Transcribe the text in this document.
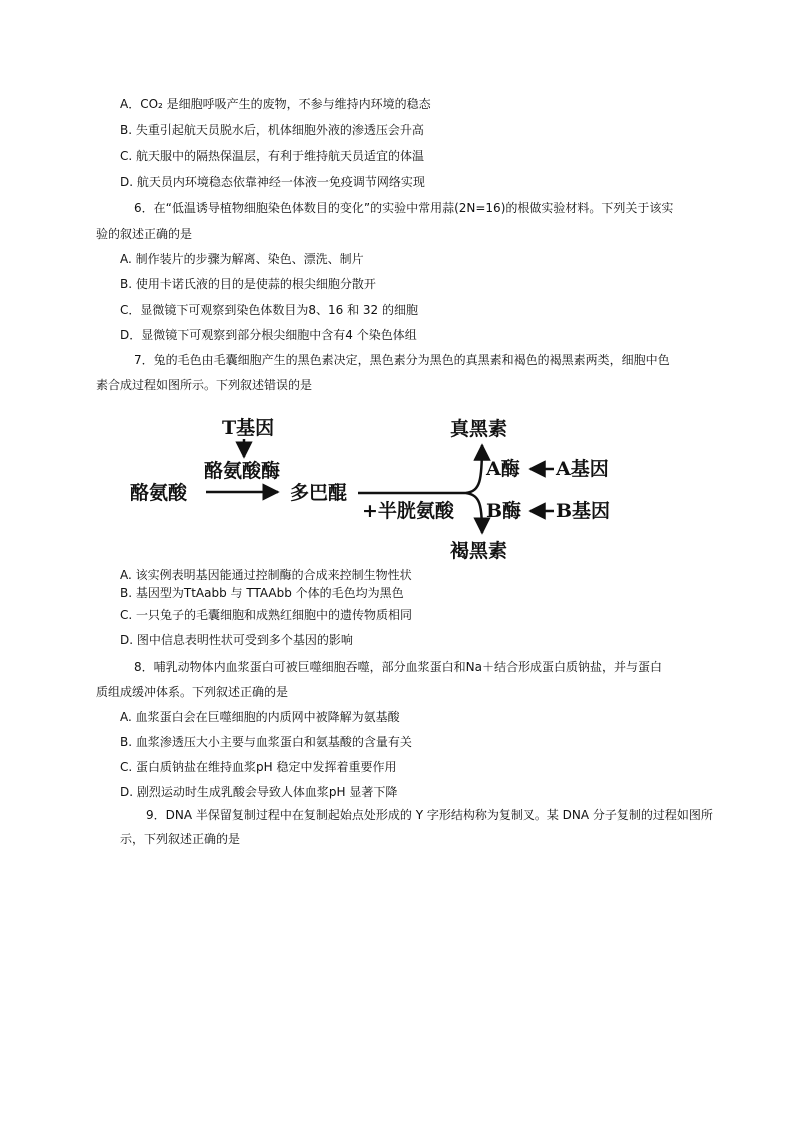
A．CO₂ 是细胞呼吸产生的废物，不参与维持内环境的稳态
B. 失重引起航天员脱水后，机体细胞外液的渗透压会升高
C. 航天服中的隔热保温层，有利于维持航天员适宜的体温
D. 航天员内环境稳态依靠神经一体液一免疫调节网络实现
6．在“低温诱导植物细胞染色体数目的变化”的实验中常用蒜(2N=16)的根做实验材料。下列关于该实
验的叙述正确的是
A. 制作装片的步骤为解离、染色、漂洗、制片
B. 使用卡诺氏液的目的是使蒜的根尖细胞分散开
C．显微镜下可观察到染色体数目为8、16 和 32 的细胞
D．显微镜下可观察到部分根尖细胞中含有4 个染色体组
7．兔的毛色由毛囊细胞产生的黑色素决定，黑色素分为黑色的真黑素和褐色的褐黑素两类，细胞中色
素合成过程如图所示。下列叙述错误的是
T基因
酪氨酸酶
酪氨酸	多巴醌
+半胱氨酸
真黑素
褐黑素
A酶 A基因
B酶 B基因
A. 该实例表明基因能通过控制酶的合成来控制生物性状
B. 基因型为TtAabb 与 TTAAbb 个体的毛色均为黑色
C. 一只兔子的毛囊细胞和成熟红细胞中的遗传物质相同
D. 图中信息表明性状可受到多个基因的影响
8．哺乳动物体内血浆蛋白可被巨噬细胞吞噬，部分血浆蛋白和Na＋结合形成蛋白质钠盐，并与蛋白
质组成缓冲体系。下列叙述正确的是
A. 血浆蛋白会在巨噬细胞的内质网中被降解为氨基酸
B. 血浆渗透压大小主要与血浆蛋白和氨基酸的含量有关
C. 蛋白质钠盐在维持血浆pH 稳定中发挥着重要作用
D. 剧烈运动时生成乳酸会导致人体血浆pH 显著下降
9．DNA 半保留复制过程中在复制起始点处形成的 Y 字形结构称为复制叉。某 DNA 分子复制的过程如图所
示，下列叙述正确的是
